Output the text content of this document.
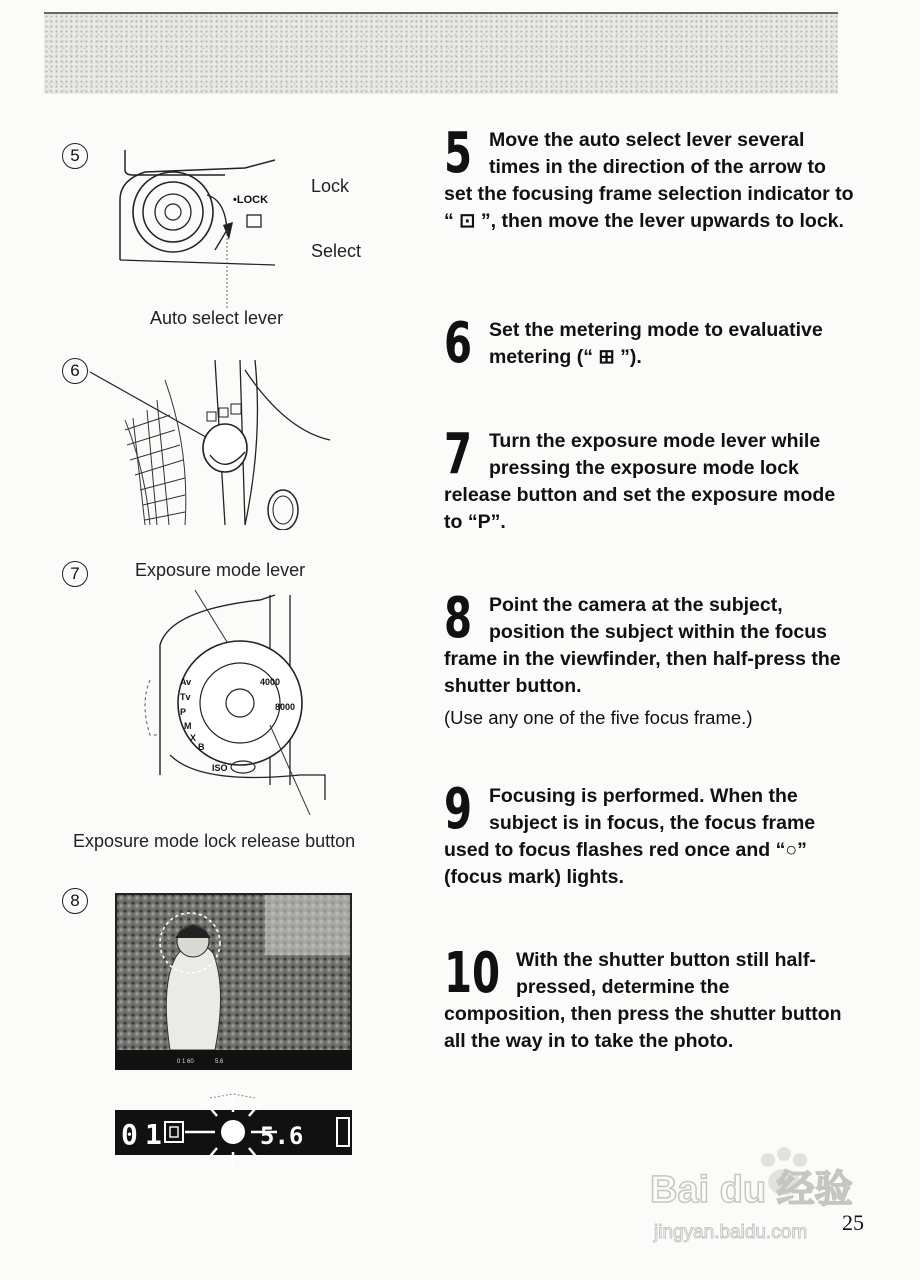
5
•LOCK
Lock
Select
Auto select lever
6
7	Exposure mode lever
Av
Tv
P
M
X
B
8000
4000
ISO
Exposure mode lock release button
8
0 1 60	5.6
0 1	5.6
5 Move the auto select lever several times in the direction of the arrow to set the focusing frame selection indicator to “ ⊡ ”, then move the lever upwards to lock.
6 Set the metering mode to evaluative metering (“ ⊞ ”).
7 Turn the exposure mode lever while pressing the exposure mode lock release button and set the exposure mode to “P”.
8 Point the camera at the subject, position the subject within the focus frame in the viewfinder, then half-press the shutter button.
(Use any one of the five focus frame.)
9 Focusing is performed. When the subject is in focus, the focus frame used to focus flashes red once and “○” (focus mark) lights.
10 With the shutter button still half-pressed, determine the composition, then press the shutter button all the way in to take the photo.
Bai du 经验
jingyan.baidu.com 25
